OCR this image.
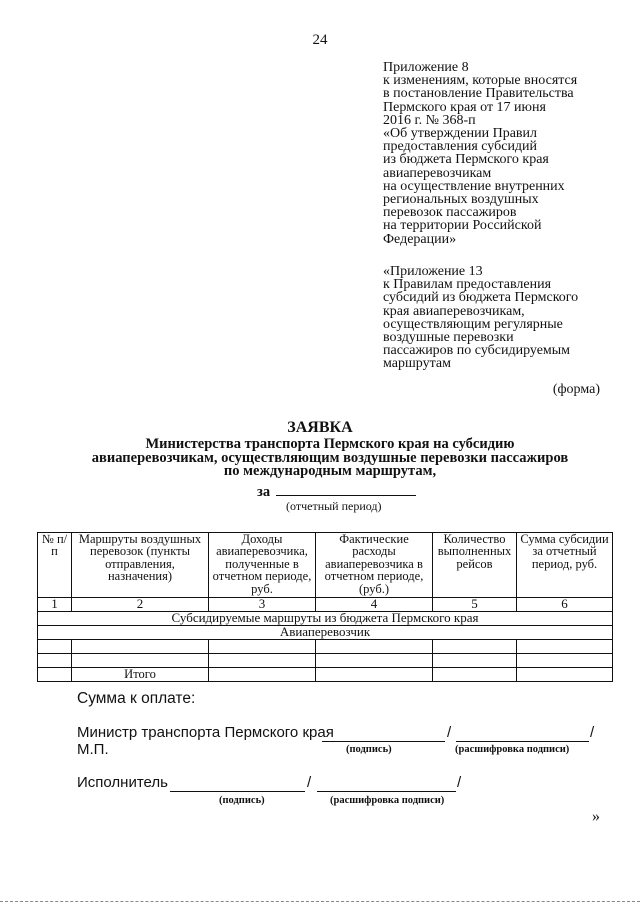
24
Приложение 8
к изменениям, которые вносятся
в постановление Правительства
Пермского края от 17 июня
2016 г. № 368-п
«Об утверждении Правил
предоставления субсидий
из бюджета Пермского края
авиаперевозчикам
на осуществление внутренних
региональных воздушных
перевозок пассажиров
на территории Российской
Федерации»
«Приложение 13
к Правилам предоставления
субсидий из бюджета Пермского
края авиаперевозчикам,
осуществляющим регулярные
воздушные перевозки
пассажиров по субсидируемым
маршрутам
(форма)
ЗАЯВКА
Министерства транспорта Пермского края на субсидию
авиаперевозчикам, осуществляющим воздушные перевозки пассажиров
по международным маршрутам,
за
(отчетный период)
№ п/п	Маршруты воздушных перевозок (пункты отправления, назначения)	Доходы авиаперевозчика, полученные в отчетном периоде, руб.	Фактические расходы авиаперевозчика в отчетном периоде, (руб.)	Количество выполненных рейсов	Сумма субсидии за отчетный период, руб.
1	2	3	4	5	6
Субсидируемые маршруты из бюджета Пермского края					
Авиаперевозчик					

	Итого				
Сумма к оплате:
Министр транспорта Пермского края	/	/
М.П.	(подпись)	(расшифровка подписи)
Исполнитель	/	/
(подпись)	(расшифровка подписи)
»
